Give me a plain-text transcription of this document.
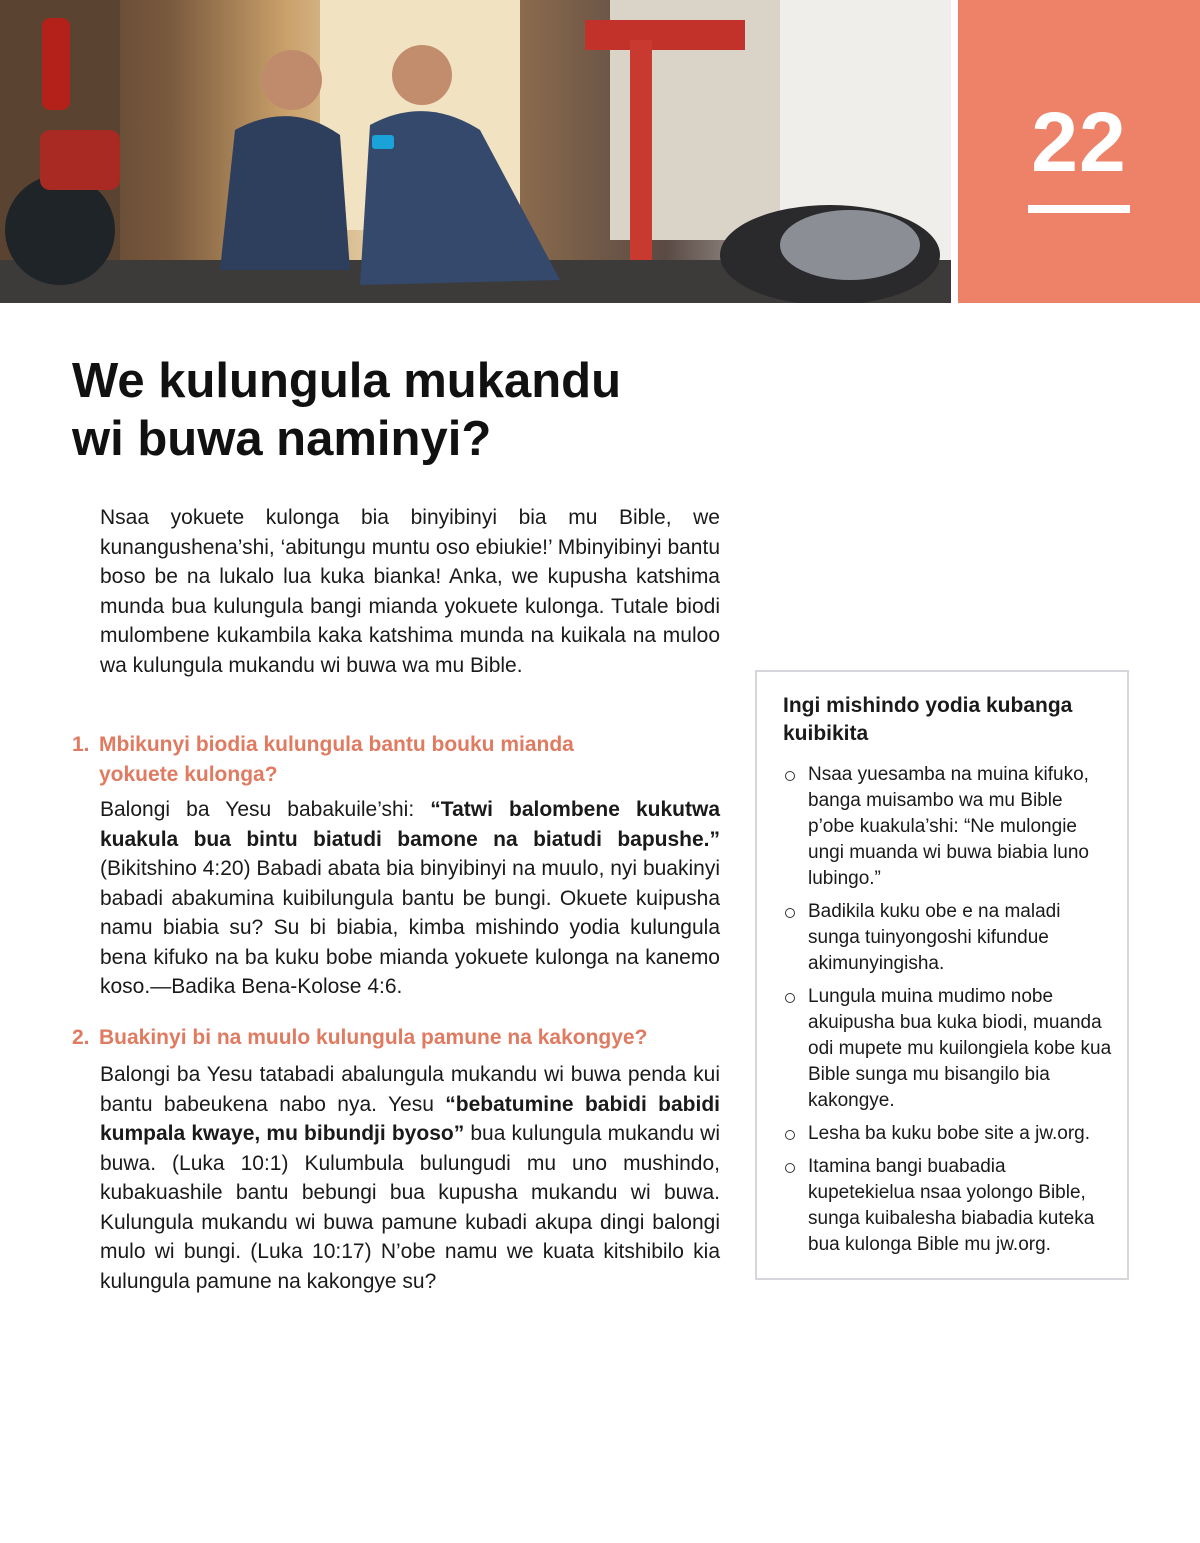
22
We kulungula mukandu
wi buwa naminyi?

Nsaa yokuete kulonga bia binyibinyi bia mu Bible, we kunangushena’shi, ‘abitungu muntu oso ebiukie!’ Mbinyibinyi bantu boso be na lukalo lua kuka bianka! Anka, we kupusha katshima munda bua kulungula bangi mianda yokuete kulonga. Tutale biodi mulombene kukambila kaka katshima munda na kuikala na muloo wa kulungula mukandu wi buwa wa mu Bible.

1. Mbikunyi biodia kulungula bantu bouku mianda
yokuete kulonga?

Balongi ba Yesu babakuile’shi: “Tatwi balombene kukutwa kuakula bua bintu biatudi bamone na biatudi bapushe.” (Bikitshino 4:20) Babadi abata bia binyibinyi na muulo, nyi buakinyi babadi abakumina kuibilungula bantu be bungi. Okuete kuipusha namu biabia su? Su bi biabia, kimba mishindo yodia kulungula bena kifuko na ba kuku bobe mianda yokuete kulonga na kanemo koso.—Badika Bena-Kolose 4:6.

2. Buakinyi bi na muulo kulungula pamune na kakongye?

Balongi ba Yesu tatabadi abalungula mukandu wi buwa penda kui bantu babeukena nabo nya. Yesu “bebatumine babidi babidi kumpala kwaye, mu bibundji byoso” bua kulungula mukandu wi buwa. (Luka 10:1) Kulumbula bulungudi mu uno mushindo, kubakuashile bantu bebungi bua kupusha mukandu wi buwa. Kulungula mukandu wi buwa pamune kubadi akupa dingi balongi mulo wi bungi. (Luka 10:17) N’obe namu we kuata kitshibilo kia kulungula pamune na kakongye su?

Ingi mishindo yodia kubanga kuibikita
Nsaa yuesamba na muina kifuko, banga muisambo wa mu Bible p’obe kuakula’shi: “Ne mulongie ungi muanda wi buwa biabia luno lubingo.”
Badikila kuku obe e na maladi sunga tuinyongoshi kifundue akimunyingisha.
Lungula muina mudimo nobe akuipusha bua kuka biodi, muanda odi mupete mu kuilongiela kobe kua Bible sunga mu bisangilo bia kakongye.
Lesha ba kuku bobe site a jw.org.
Itamina bangi buabadia kupetekielua nsaa yolongo Bible, sunga kuibalesha biabadia kuteka bua kulonga Bible mu jw.org.
